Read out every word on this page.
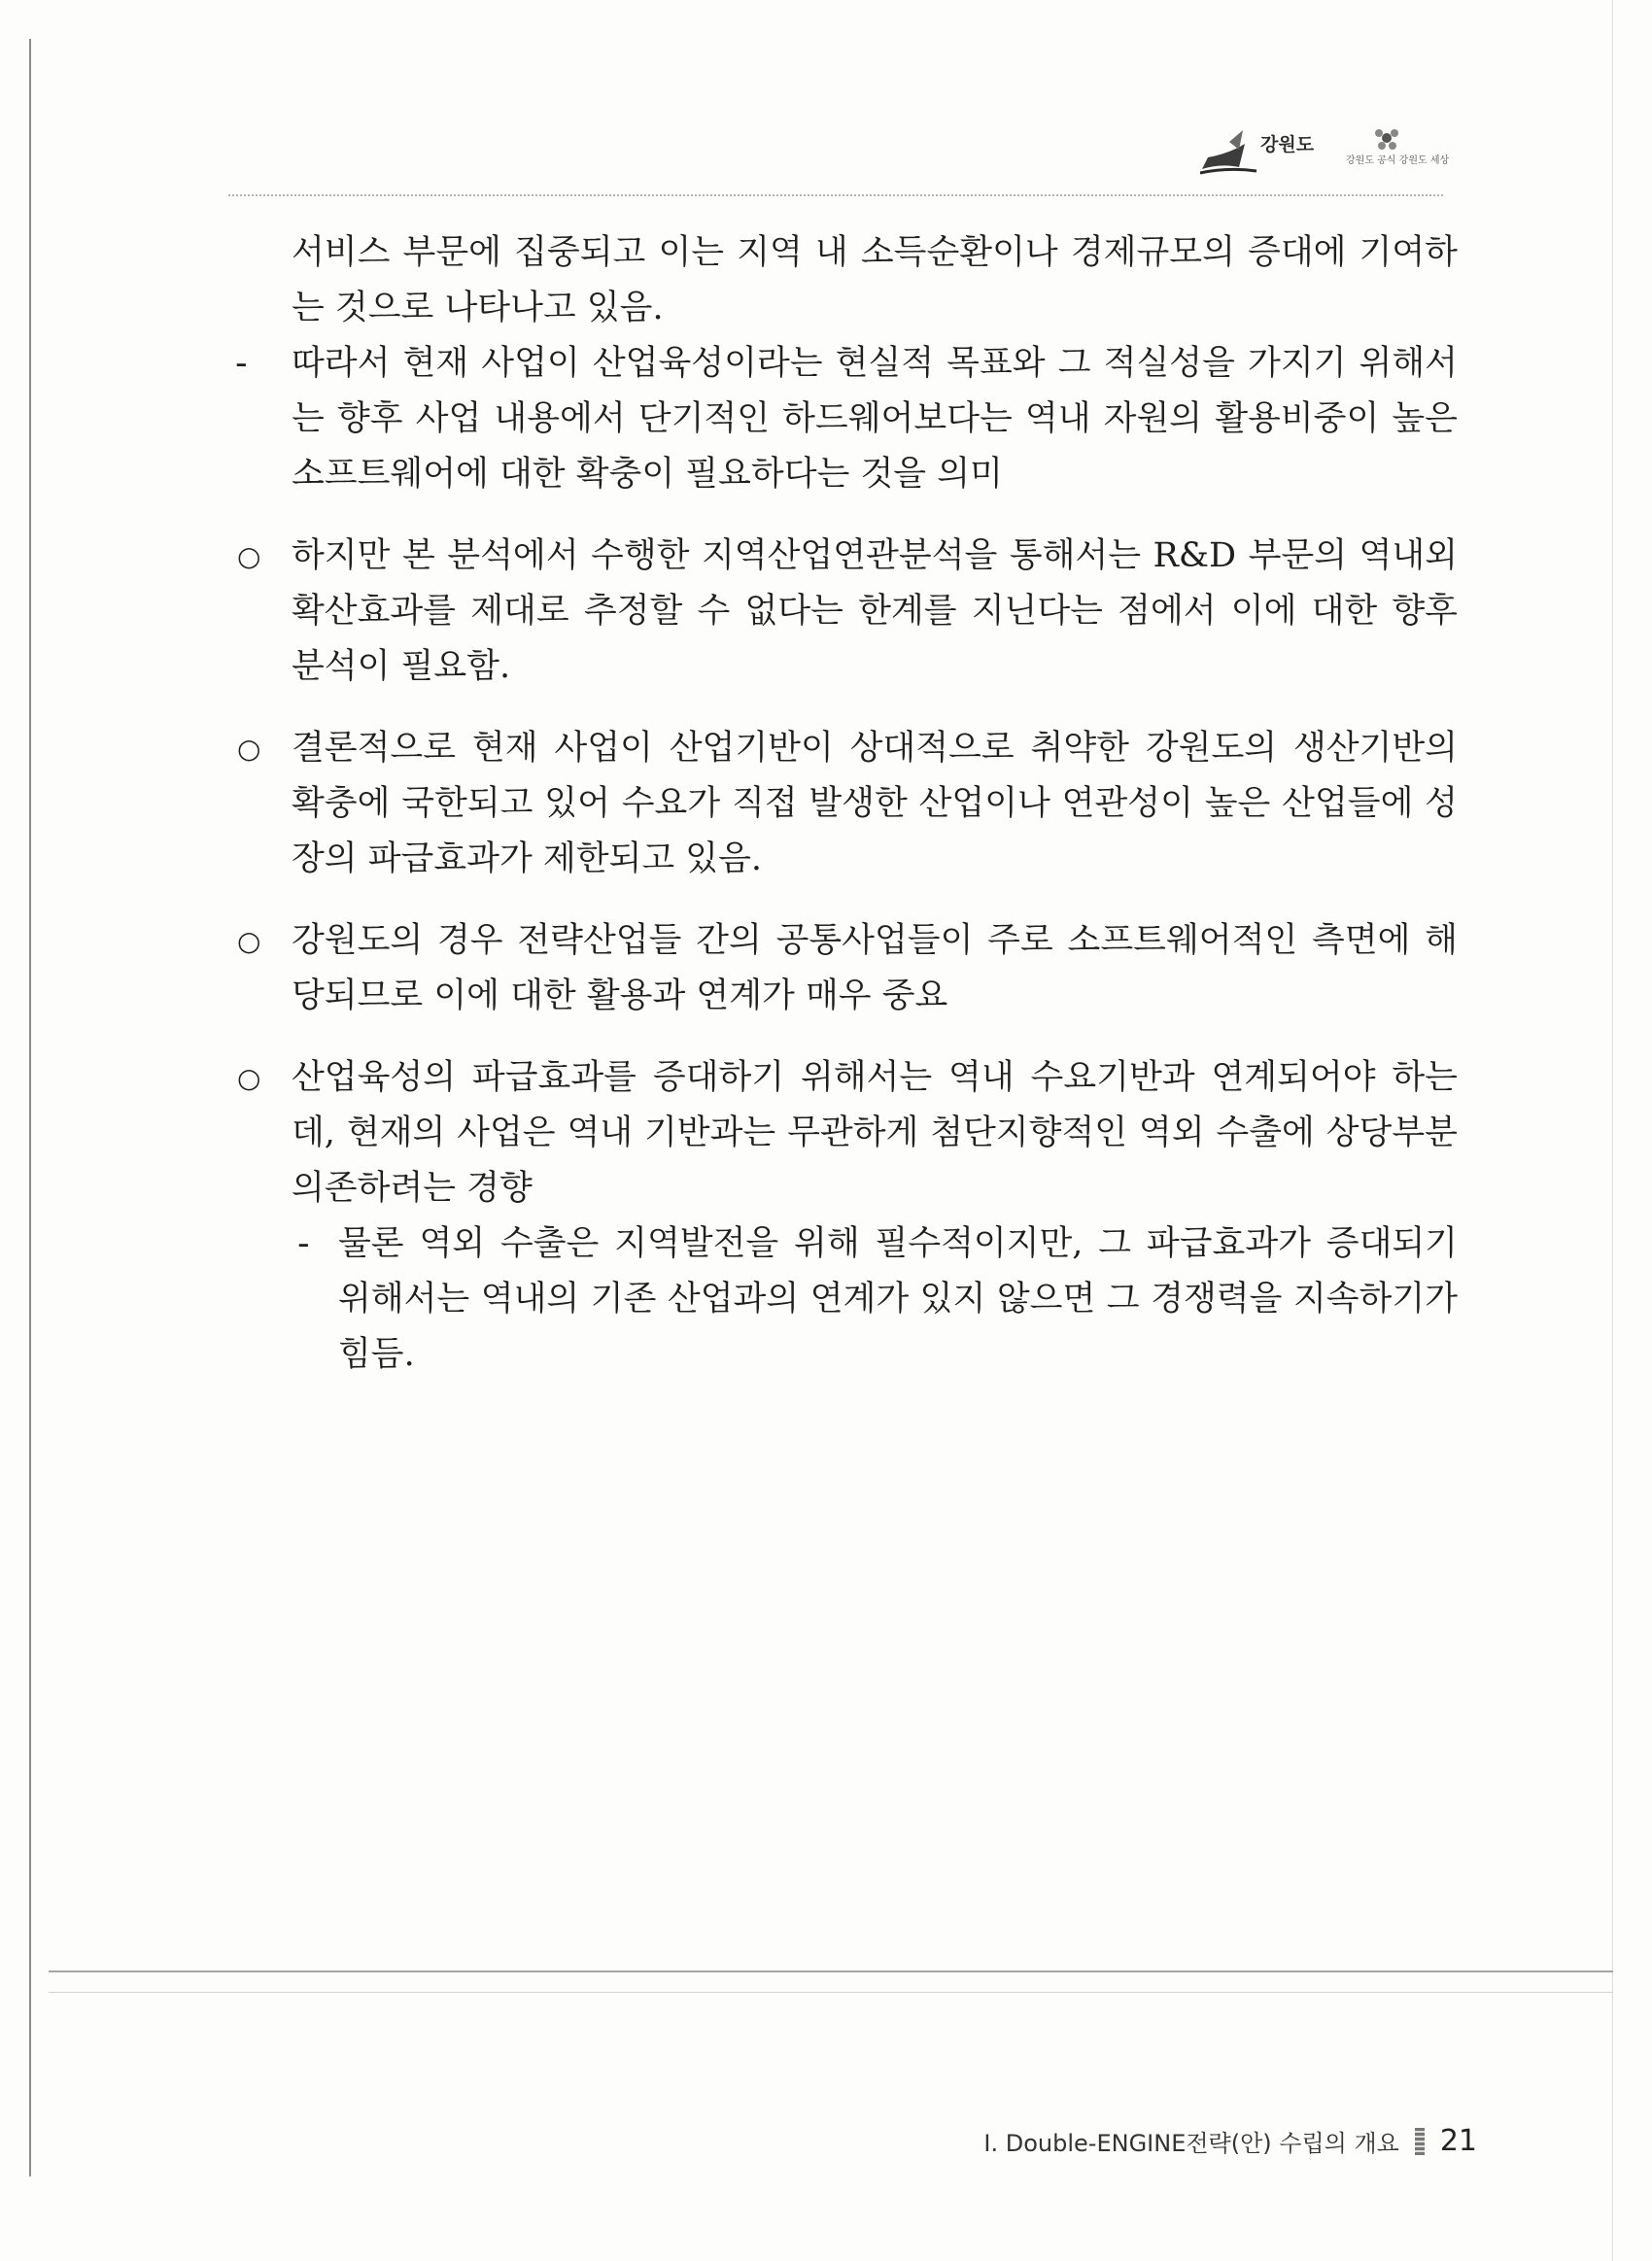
강원도
강원도 공식 강원도 세상

서비스 부문에 집중되고 이는 지역 내 소득순환이나 경제규모의 증대에 기여하는 것으로 나타나고 있음.

-	따라서 현재 사업이 산업육성이라는 현실적 목표와 그 적실성을 가지기 위해서는 향후 사업 내용에서 단기적인 하드웨어보다는 역내 자원의 활용비중이 높은 소프트웨어에 대한 확충이 필요하다는 것을 의미

○ 하지만 본 분석에서 수행한 지역산업연관분석을 통해서는 R&D 부문의 역내외 확산효과를 제대로 추정할 수 없다는 한계를 지닌다는 점에서 이에 대한 향후 분석이 필요함.

○ 결론적으로 현재 사업이 산업기반이 상대적으로 취약한 강원도의 생산기반의 확충에 국한되고 있어 수요가 직접 발생한 산업이나 연관성이 높은 산업들에 성장의 파급효과가 제한되고 있음.

○ 강원도의 경우 전략산업들 간의 공통사업들이 주로 소프트웨어적인 측면에 해당되므로 이에 대한 활용과 연계가 매우 중요

○ 산업육성의 파급효과를 증대하기 위해서는 역내 수요기반과 연계되어야 하는데, 현재의 사업은 역내 기반과는 무관하게 첨단지향적인 역외 수출에 상당부분 의존하려는 경향

- 물론 역외 수출은 지역발전을 위해 필수적이지만, 그 파급효과가 증대되기 위해서는 역내의 기존 산업과의 연계가 있지 않으면 그 경쟁력을 지속하기가 힘듬.

Ⅰ. Double-ENGINE전략(안) 수립의 개요 21
